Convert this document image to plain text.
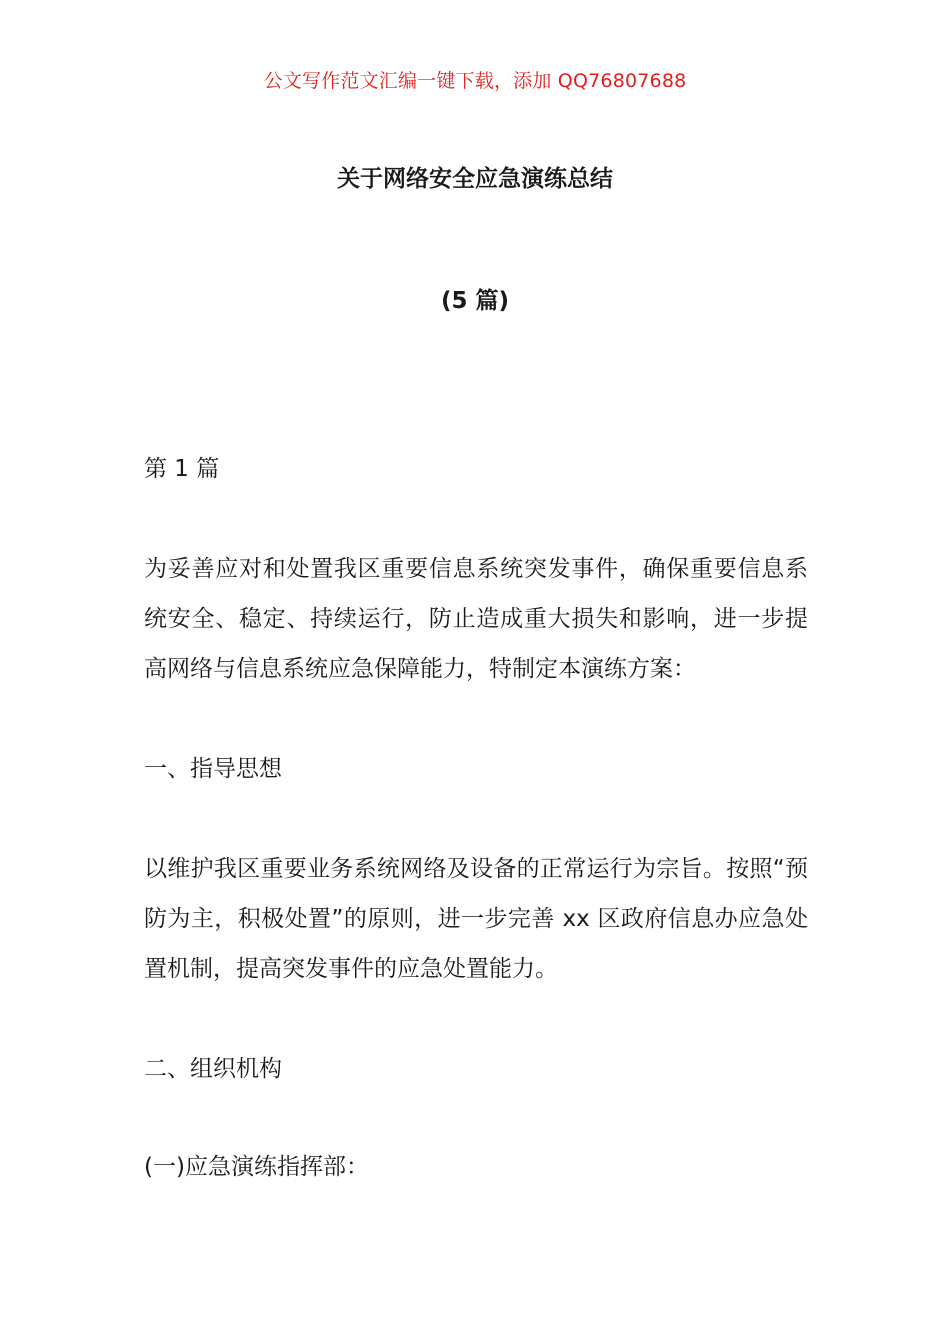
公文写作范文汇编一键下载，添加 QQ76807688
关于网络安全应急演练总结
(5 篇)

第 1 篇

为妥善应对和处置我区重要信息系统突发事件，确保重要信息系统安全、稳定、持续运行，防止造成重大损失和影响，进一步提高网络与信息系统应急保障能力，特制定本演练方案：

一、指导思想

以维护我区重要业务系统网络及设备的正常运行为宗旨。按照“预防为主，积极处置”的原则，进一步完善 xx 区政府信息办应急处置机制，提高突发事件的应急处置能力。

二、组织机构

(一)应急演练指挥部：
